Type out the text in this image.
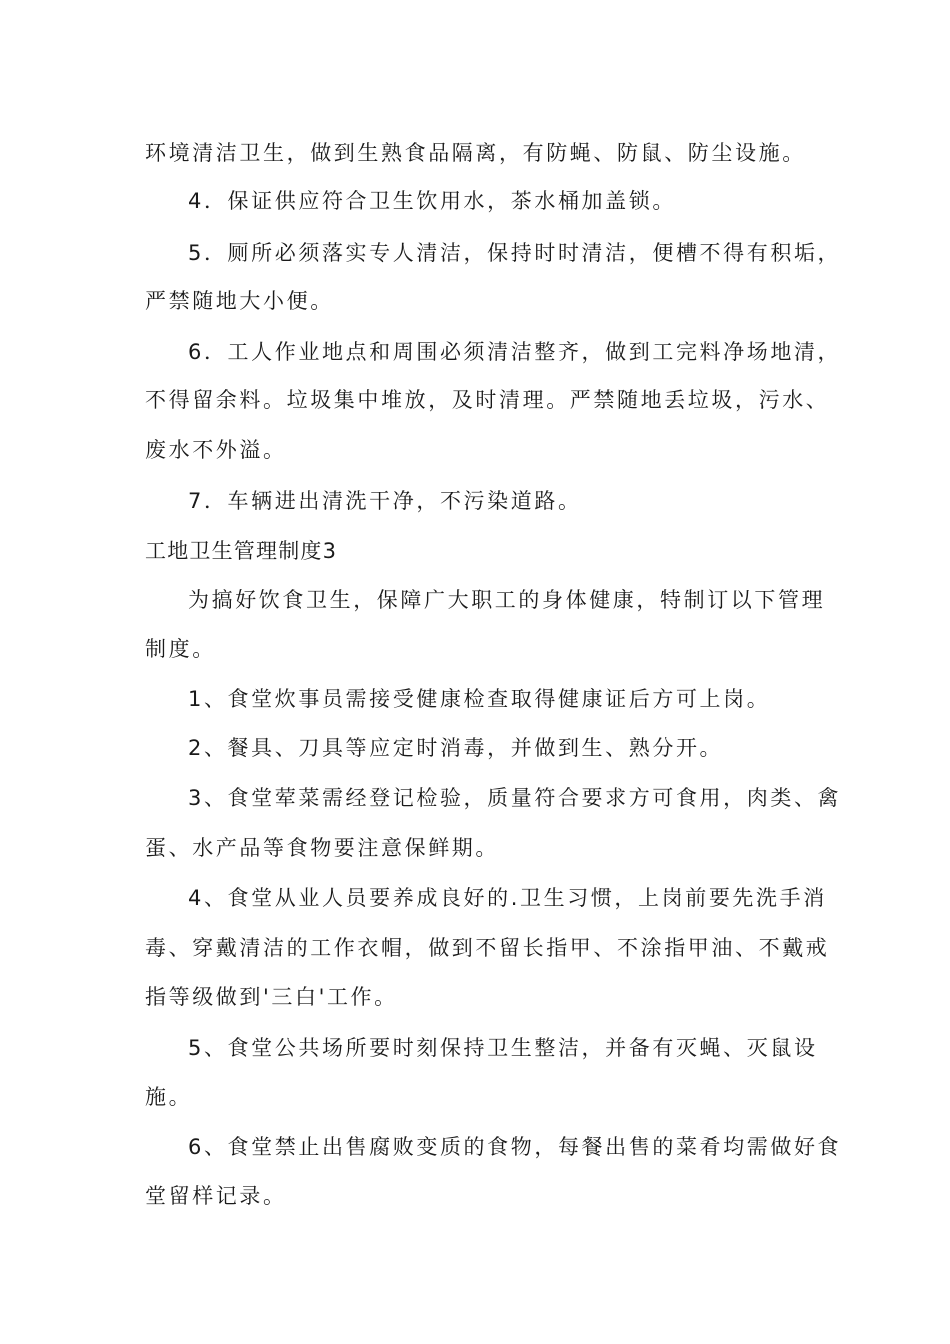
环境清洁卫生，做到生熟食品隔离，有防蝇、防鼠、防尘设施。
4．保证供应符合卫生饮用水，茶水桶加盖锁。
5．厕所必须落实专人清洁，保持时时清洁，便槽不得有积垢，
严禁随地大小便。
6．工人作业地点和周围必须清洁整齐，做到工完料净场地清，
不得留余料。垃圾集中堆放，及时清理。严禁随地丢垃圾，污水、
废水不外溢。
7．车辆进出清洗干净，不污染道路。
工地卫生管理制度3
为搞好饮食卫生，保障广大职工的身体健康，特制订以下管理
制度。
1、食堂炊事员需接受健康检查取得健康证后方可上岗。
2、餐具、刀具等应定时消毒，并做到生、熟分开。
3、食堂荤菜需经登记检验，质量符合要求方可食用，肉类、禽
蛋、水产品等食物要注意保鲜期。
4、食堂从业人员要养成良好的.卫生习惯，上岗前要先洗手消
毒、穿戴清洁的工作衣帽，做到不留长指甲、不涂指甲油、不戴戒
指等级做到'三白'工作。
5、食堂公共场所要时刻保持卫生整洁，并备有灭蝇、灭鼠设
施。
6、食堂禁止出售腐败变质的食物，每餐出售的菜肴均需做好食
堂留样记录。
